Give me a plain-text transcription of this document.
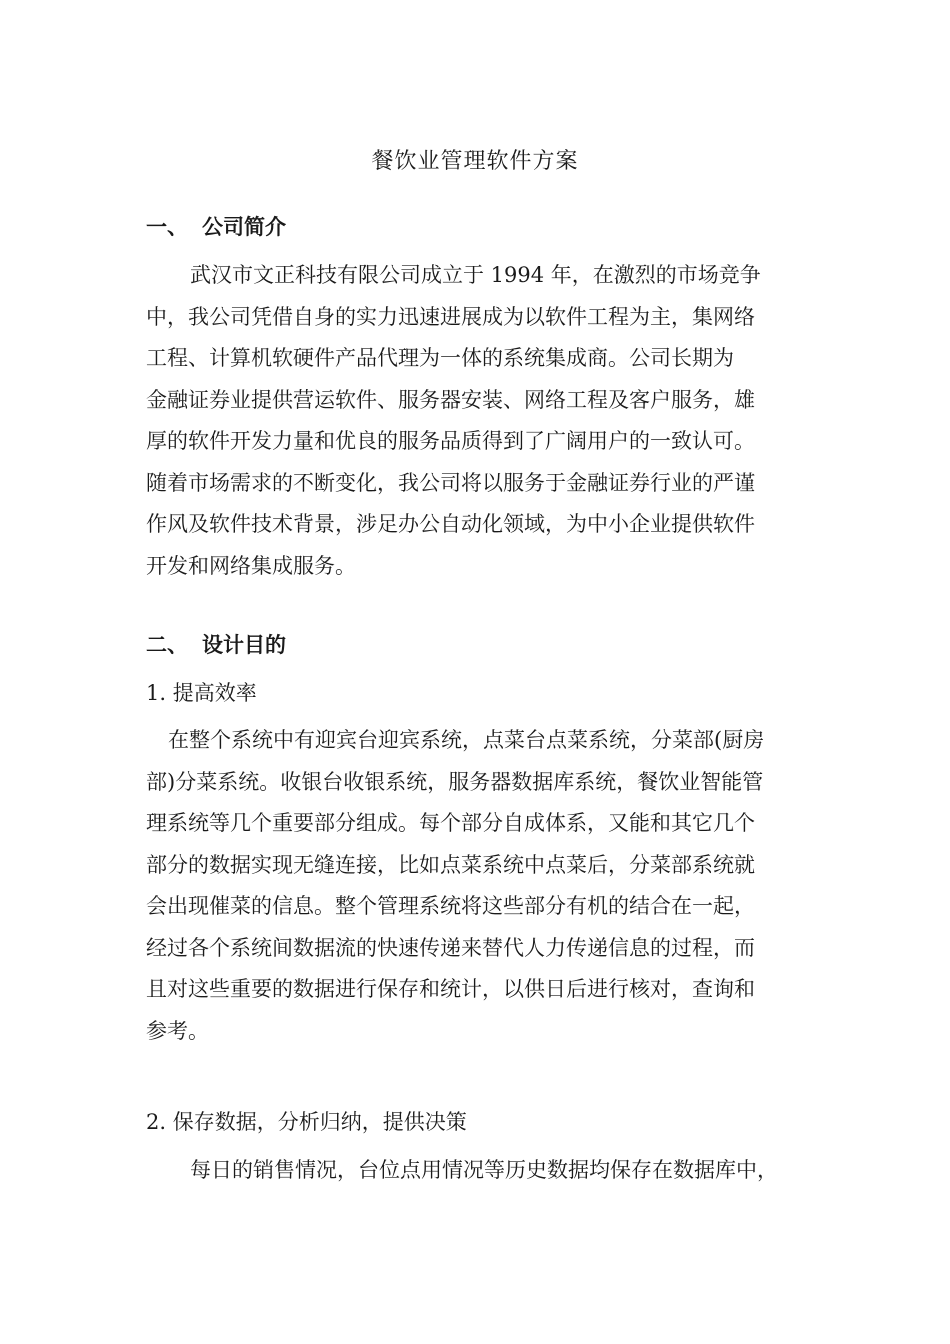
餐饮业管理软件方案
一、 公司简介
武汉市文正科技有限公司成立于 1994 年，在激烈的市场竞争
中，我公司凭借自身的实力迅速进展成为以软件工程为主，集网络
工程、计算机软硬件产品代理为一体的系统集成商。公司长期为
金融证券业提供营运软件、服务器安装、网络工程及客户服务，雄
厚的软件开发力量和优良的服务品质得到了广阔用户的一致认可。
随着市场需求的不断变化，我公司将以服务于金融证券行业的严谨
作风及软件技术背景，涉足办公自动化领域，为中小企业提供软件
开发和网络集成服务。
二、 设计目的
1. 提高效率
在整个系统中有迎宾台迎宾系统，点菜台点菜系统，分菜部(厨房
部)分菜系统。收银台收银系统，服务器数据库系统，餐饮业智能管
理系统等几个重要部分组成。每个部分自成体系，又能和其它几个
部分的数据实现无缝连接，比如点菜系统中点菜后，分菜部系统就
会出现催菜的信息。整个管理系统将这些部分有机的结合在一起，
经过各个系统间数据流的快速传递来替代人力传递信息的过程，而
且对这些重要的数据进行保存和统计，以供日后进行核对，查询和
参考。
2. 保存数据，分析归纳，提供决策
每日的销售情况，台位点用情况等历史数据均保存在数据库中，
